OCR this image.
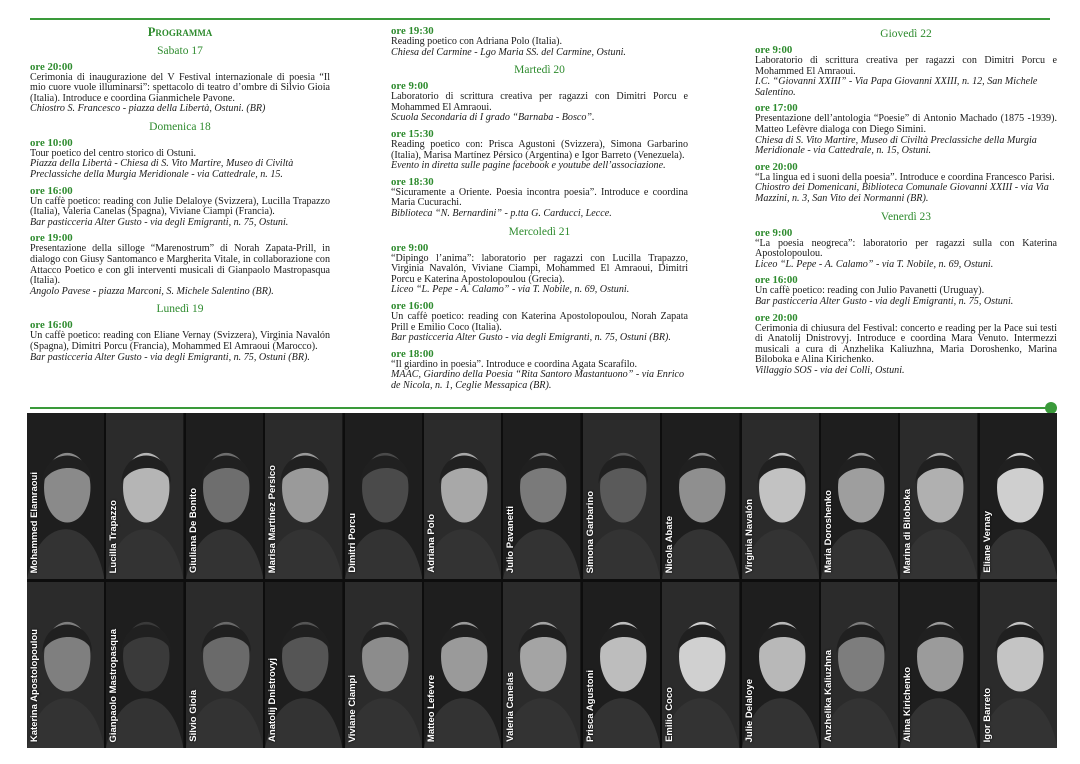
Programma
Sabato 17
ore 20:00
Cerimonia di inaugurazione del V Festival internazionale di poesia “Il mio cuore vuole illuminarsi”: spettacolo di teatro d’ombre di Silvio Gioia (Italia). Introduce e coordina Gianmichele Pavone.
Chiostro S. Francesco - piazza della Libertà, Ostuni. (BR)
Domenica 18
ore 10:00
Tour poetico del centro storico di Ostuni.
Piazza della Libertà - Chiesa di S. Vito Martire, Museo di Civiltà Preclassiche della Murgia Meridionale - via Cattedrale, n. 15.
ore 16:00
Un caffè poetico: reading con Julie Delaloye (Svizzera), Lucilla Trapazzo (Italia), Valeria Canelas (Spagna), Viviane Ciampi (Francia).
Bar pasticceria Alter Gusto - via degli Emigranti, n. 75, Ostuni.
ore 19:00
Presentazione della silloge “Marenostrum” di Norah Zapata-Prill, in dialogo con Giusy Santomanco e Margherita Vitale, in collaborazione con Attacco Poetico e con gli interventi musicali di Gianpaolo Mastropasqua (Italia).
Angolo Pavese - piazza Marconi, S. Michele Salentino (BR).
Lunedì 19
ore 16:00
Un caffè poetico: reading con Eliane Vernay (Svizzera), Virginia Navalón (Spagna), Dimitri Porcu (Francia), Mohammed El Amraoui (Marocco).
Bar pasticceria Alter Gusto - via degli Emigranti, n. 75, Ostuni (BR).
ore 19:30
Reading poetico con Adriana Polo (Italia).
Chiesa del Carmine - Lgo Maria SS. del Carmine, Ostuni.
Martedì 20
ore 9:00
Laboratorio di scrittura creativa per ragazzi con Dimitri Porcu e Mohammed El Amraoui.
Scuola Secondaria di I grado “Barnaba - Bosco”.
ore 15:30
Reading poetico con: Prisca Agustoni (Svizzera), Simona Garbarino (Italia), Marisa Martínez Pérsico (Argentina) e Igor Barreto (Venezuela).
Evento in diretta sulle pagine facebook e youtube dell’associazione.
ore 18:30
“Sicuramente a Oriente. Poesia incontra poesia”. Introduce e coordina Maria Cucurachi.
Biblioteca “N. Bernardini” - p.tta G. Carducci, Lecce.
Mercoledì 21
ore 9:00
“Dipingo l’anima”: laboratorio per ragazzi con Lucilla Trapazzo, Virginia Navalón, Viviane Ciampi, Mohammed El Amraoui, Dimitri Porcu e Katerina Apostolopoulou (Grecia).
Liceo “L. Pepe - A. Calamo” - via T. Nobile, n. 69, Ostuni.
ore 16:00
Un caffè poetico: reading con Katerina Apostolopoulou, Norah Zapata Prill e Emilio Coco (Italia).
Bar pasticceria Alter Gusto - via degli Emigranti, n. 75, Ostuni (BR).
ore 18:00
“Il giardino in poesia”. Introduce e coordina Agata Scarafilo.
MAAC, Giardino della Poesia “Rita Santoro Mastantuono” - via Enrico de Nicola, n. 1, Ceglie Messapica (BR).
Giovedì 22
ore 9:00
Laboratorio di scrittura creativa per ragazzi con Dimitri Porcu e Mohammed El Amraoui.
I.C. “Giovanni XXIII” - Via Papa Giovanni XXIII, n. 12, San Michele Salentino.
ore 17:00
Presentazione dell’antologia “Poesie” di Antonio Machado (1875 -1939). Matteo Lefèvre dialoga con Diego Simini.
Chiesa di S. Vito Martire, Museo di Civiltà Preclassiche della Murgia Meridionale - via Cattedrale, n. 15, Ostuni.
ore 20:00
“La lingua ed i suoni della poesia”. Introduce e coordina Francesco Parisi.
Chiostro dei Domenicani, Biblioteca Comunale Giovanni XXIII - via Via Mazzini, n. 3, San Vito dei Normanni (BR).
Venerdì 23
ore 9:00
“La poesia neogreca”: laboratorio per ragazzi sulla con Katerina Apostolopoulou.
Liceo “L. Pepe - A. Calamo” - via T. Nobile, n. 69, Ostuni.
ore 16:00
Un caffè poetico: reading con Julio Pavanetti (Uruguay).
Bar pasticceria Alter Gusto - via degli Emigranti, n. 75, Ostuni.
ore 20:00
Cerimonia di chiusura del Festival: concerto e reading per la Pace sui testi di Anatolij Dnistrovyj. Introduce e coordina Mara Venuto. Intermezzi musicali a cura di Anzhelika Kaliuzhna, Maria Doroshenko, Marina Biloboka e Alina Kirichenko.
Villaggio SOS - via dei Colli, Ostuni.
Mohammed Elamraoui	Lucilla Trapazzo	Giuliana De Bonito	Marisa Martínez Persico	Dimitri Porcu	Adriana Polo	Julio Pavanetti	Simona Garbarino	Nicola Abate	Virginia Navalón	Maria Doroshenko	Marina di Biloboka	Eliane Vernay
Katerina Apostolopoulou	Gianpaolo Mastropasqua	Silvio Gioia	Anatolij Dnistrovyj	Viviane Ciampi	Matteo Lefevre	Valeria Canelas	Prisca Agustoni	Emilio Coco	Julie Delaloye	Anzhelika Kaliuzhna	Alina Kirichenko	Igor Barreto
